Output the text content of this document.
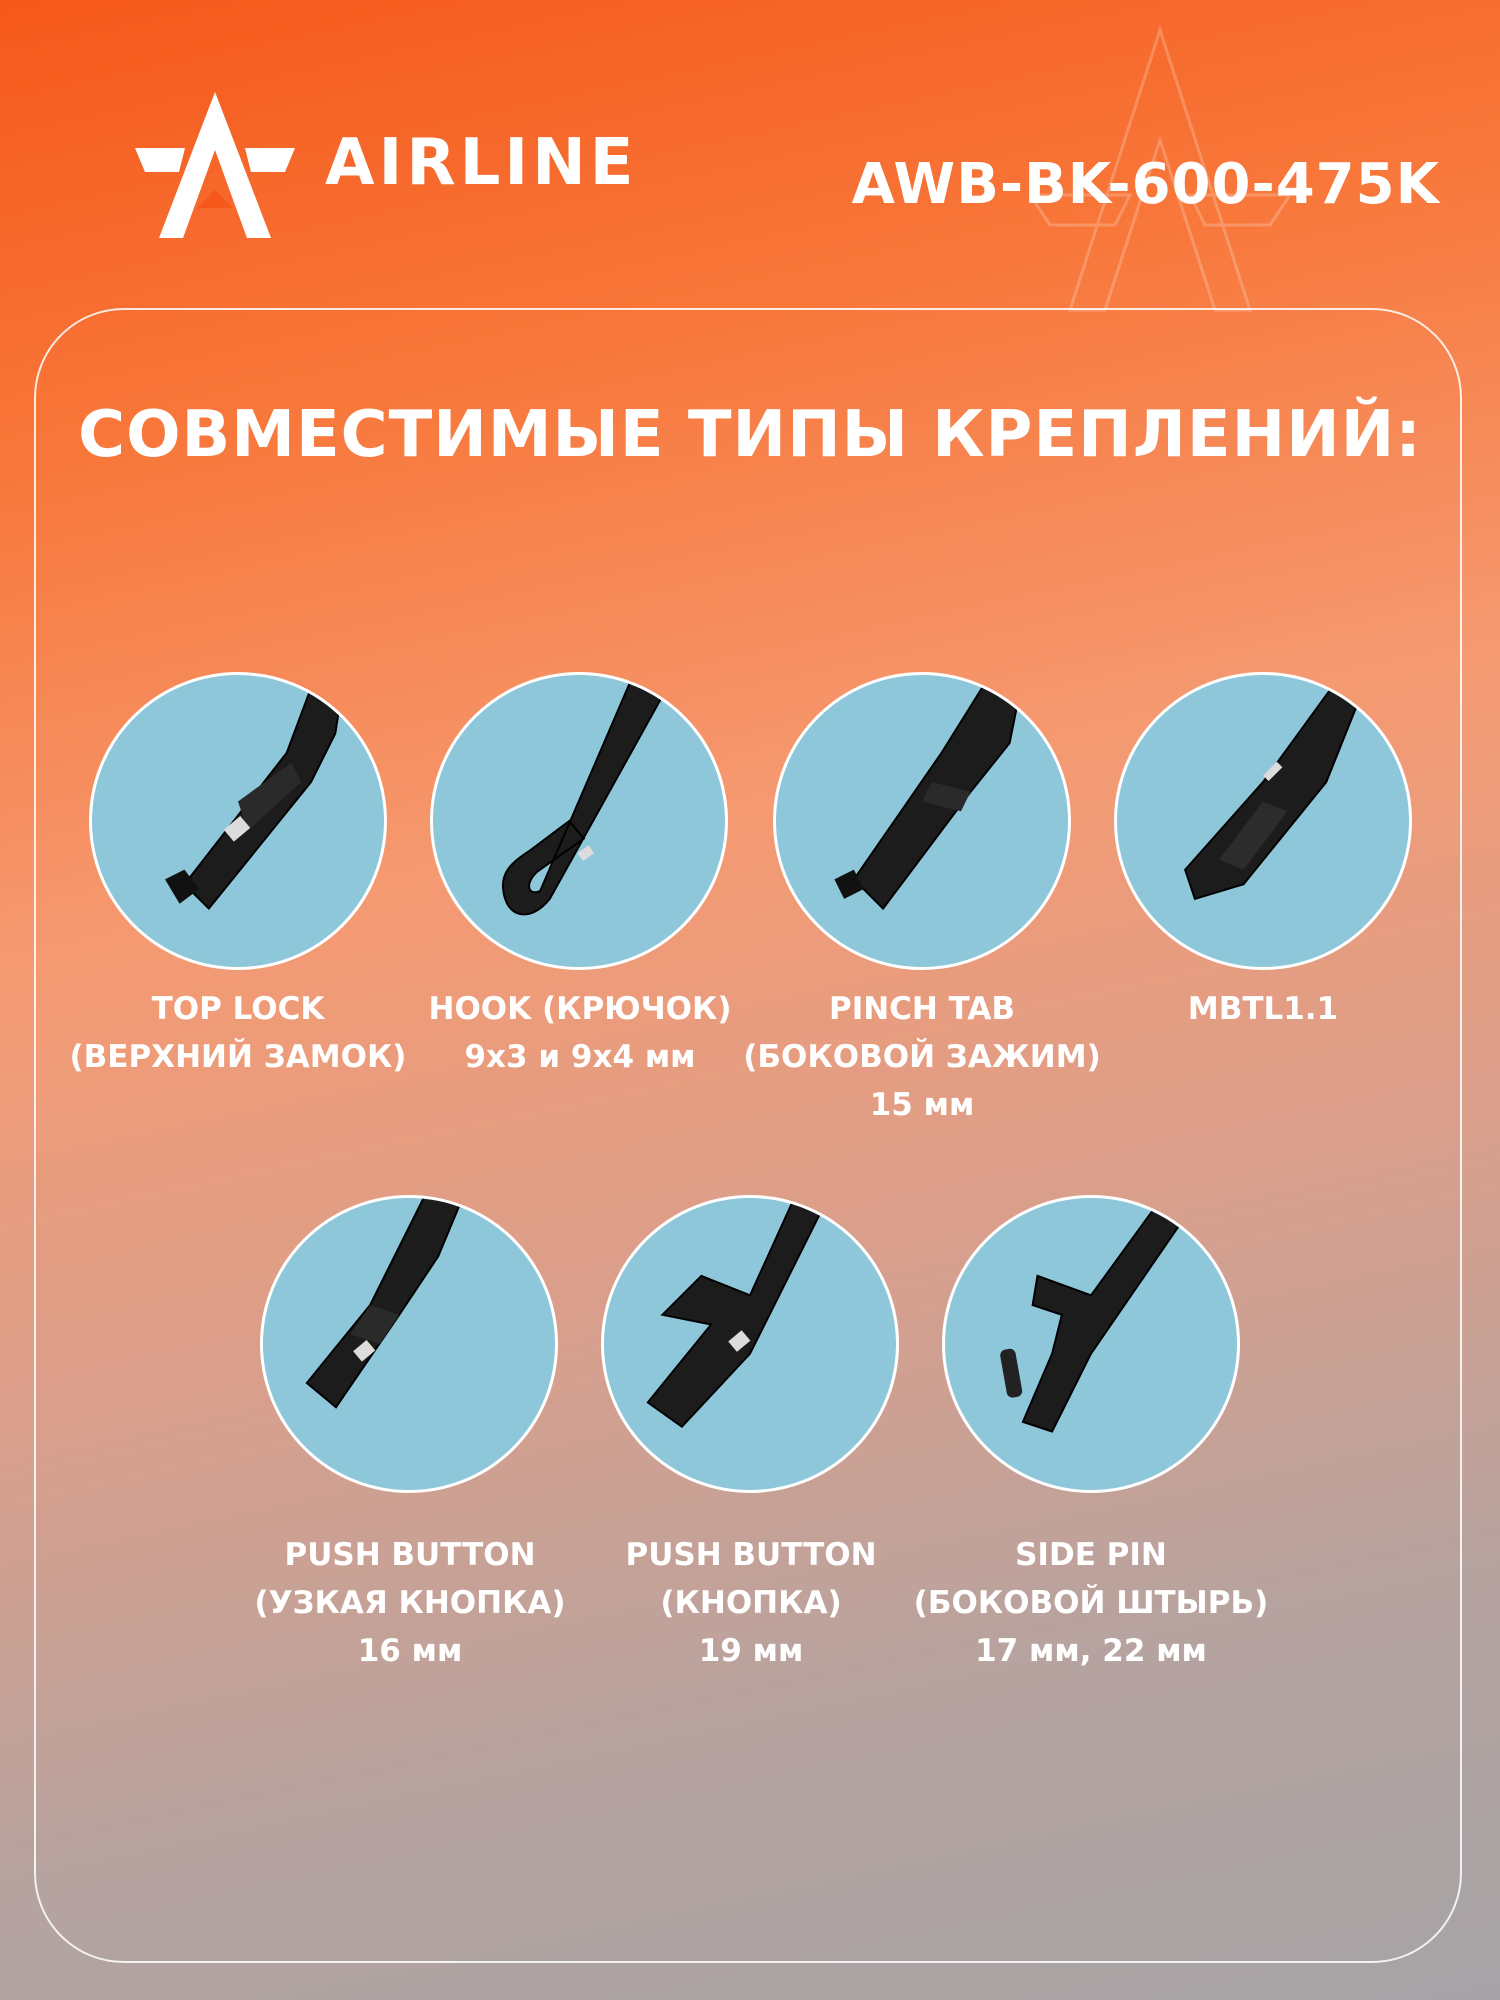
AIRLINE	AWB-BK-600-475K
СОВМЕСТИМЫЕ ТИПЫ КРЕПЛЕНИЙ:
TOP LOCK
(ВЕРХНИЙ ЗАМОК)
HOOK (КРЮЧОК)
9x3 и 9x4 мм
PINCH TAB
(БОКОВОЙ ЗАЖИМ)
15 мм
MBTL1.1
PUSH BUTTON
(УЗКАЯ КНОПКА)
16 мм
PUSH BUTTON
(КНОПКА)
19 мм
SIDE PIN
(БОКОВОЙ ШТЫРЬ)
17 мм, 22 мм
